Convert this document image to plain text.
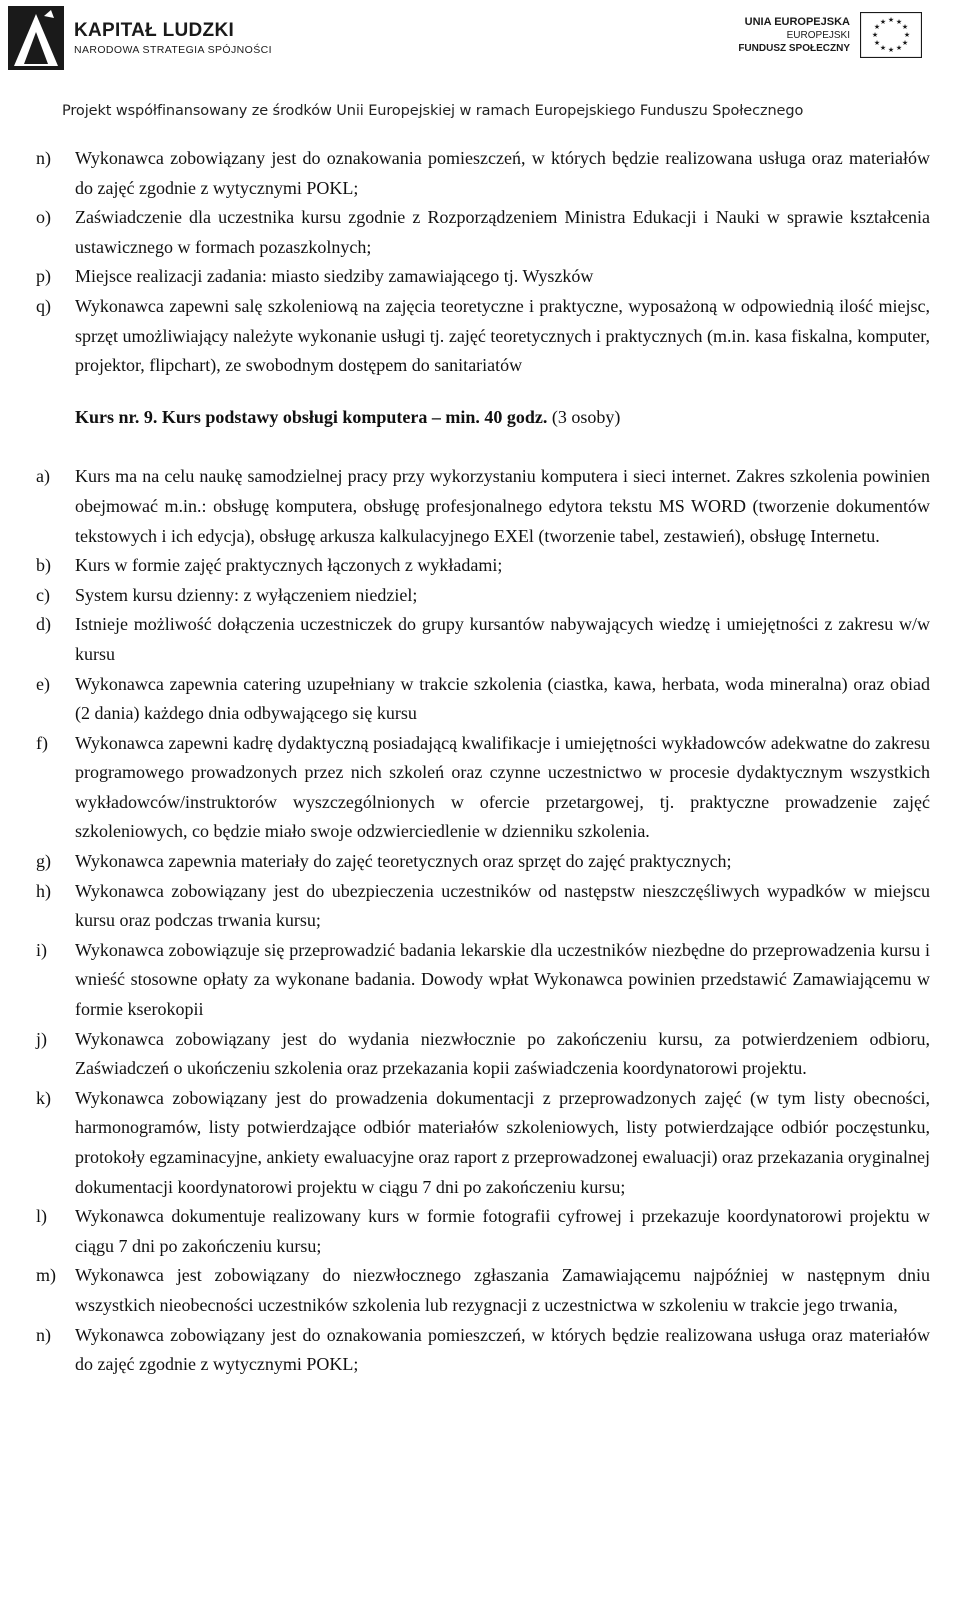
KAPITAŁ LUDZKI
NARODOWA STRATEGIA SPÓJNOŚCI
UNIA EUROPEJSKA
EUROPEJSKI
FUNDUSZ SPOŁECZNY
★ ★
★
★
★
★
★
★
★
★
★
★
Projekt współfinansowany ze środków Unii Europejskiej w ramach Europejskiego Funduszu Społecznego
n) Wykonawca zobowiązany jest do oznakowania pomieszczeń, w których będzie realizowana usługa oraz materiałów do zajęć zgodnie z wytycznymi POKL;
o) Zaświadczenie dla uczestnika kursu zgodnie z Rozporządzeniem Ministra Edukacji i Nauki w sprawie kształcenia ustawicznego w formach pozaszkolnych;
p) Miejsce realizacji zadania: miasto siedziby zamawiającego tj. Wyszków
q) Wykonawca zapewni salę szkoleniową na zajęcia teoretyczne i praktyczne, wyposażoną w odpowiednią ilość miejsc, sprzęt umożliwiający należyte wykonanie usługi tj. zajęć teoretycznych i praktycznych (m.in. kasa fiskalna, komputer, projektor, flipchart), ze swobodnym dostępem do sanitariatów
Kurs nr. 9. Kurs podstawy obsługi komputera – min. 40 godz. (3 osoby)
a) Kurs ma na celu naukę samodzielnej pracy przy wykorzystaniu komputera i sieci internet. Zakres szkolenia powinien obejmować m.in.: obsługę komputera, obsługę profesjonalnego edytora tekstu MS WORD (tworzenie dokumentów tekstowych i ich edycja), obsługę arkusza kalkulacyjnego EXEl (tworzenie tabel, zestawień), obsługę Internetu.
b) Kurs w formie zajęć praktycznych łączonych z wykładami;
c) System kursu dzienny: z wyłączeniem niedziel;
d) Istnieje możliwość dołączenia uczestniczek do grupy kursantów nabywających wiedzę i umiejętności z zakresu w/w kursu
e) Wykonawca zapewnia catering uzupełniany w trakcie szkolenia (ciastka, kawa, herbata, woda mineralna) oraz obiad (2 dania) każdego dnia odbywającego się kursu
f) Wykonawca zapewni kadrę dydaktyczną posiadającą kwalifikacje i umiejętności wykładowców adekwatne do zakresu programowego prowadzonych przez nich szkoleń oraz czynne uczestnictwo w procesie dydaktycznym wszystkich wykładowców/instruktorów wyszczególnionych w ofercie przetargowej, tj. praktyczne prowadzenie zajęć szkoleniowych, co będzie miało swoje odzwierciedlenie w dzienniku szkolenia.
g) Wykonawca zapewnia materiały do zajęć teoretycznych oraz sprzęt do zajęć praktycznych;
h) Wykonawca zobowiązany jest do ubezpieczenia uczestników od następstw nieszczęśliwych wypadków w miejscu kursu oraz podczas trwania kursu;
i) Wykonawca zobowiązuje się przeprowadzić badania lekarskie dla uczestników niezbędne do przeprowadzenia kursu i wnieść stosowne opłaty za wykonane badania. Dowody wpłat Wykonawca powinien przedstawić Zamawiającemu w formie kserokopii
j) Wykonawca zobowiązany jest do wydania niezwłocznie po zakończeniu kursu, za potwierdzeniem odbioru, Zaświadczeń o ukończeniu szkolenia oraz przekazania kopii zaświadczenia koordynatorowi projektu.
k) Wykonawca zobowiązany jest do prowadzenia dokumentacji z przeprowadzonych zajęć (w tym listy obecności, harmonogramów, listy potwierdzające odbiór materiałów szkoleniowych, listy potwierdzające odbiór poczęstunku, protokoły egzaminacyjne, ankiety ewaluacyjne oraz raport z przeprowadzonej ewaluacji) oraz przekazania oryginalnej dokumentacji koordynatorowi projektu w ciągu 7 dni po zakończeniu kursu;
l) Wykonawca dokumentuje realizowany kurs w formie fotografii cyfrowej i przekazuje koordynatorowi projektu w ciągu 7 dni po zakończeniu kursu;
m) Wykonawca jest zobowiązany do niezwłocznego zgłaszania Zamawiającemu najpóźniej w następnym dniu wszystkich nieobecności uczestników szkolenia lub rezygnacji z uczestnictwa w szkoleniu w trakcie jego trwania,
n) Wykonawca zobowiązany jest do oznakowania pomieszczeń, w których będzie realizowana usługa oraz materiałów do zajęć zgodnie z wytycznymi POKL;
